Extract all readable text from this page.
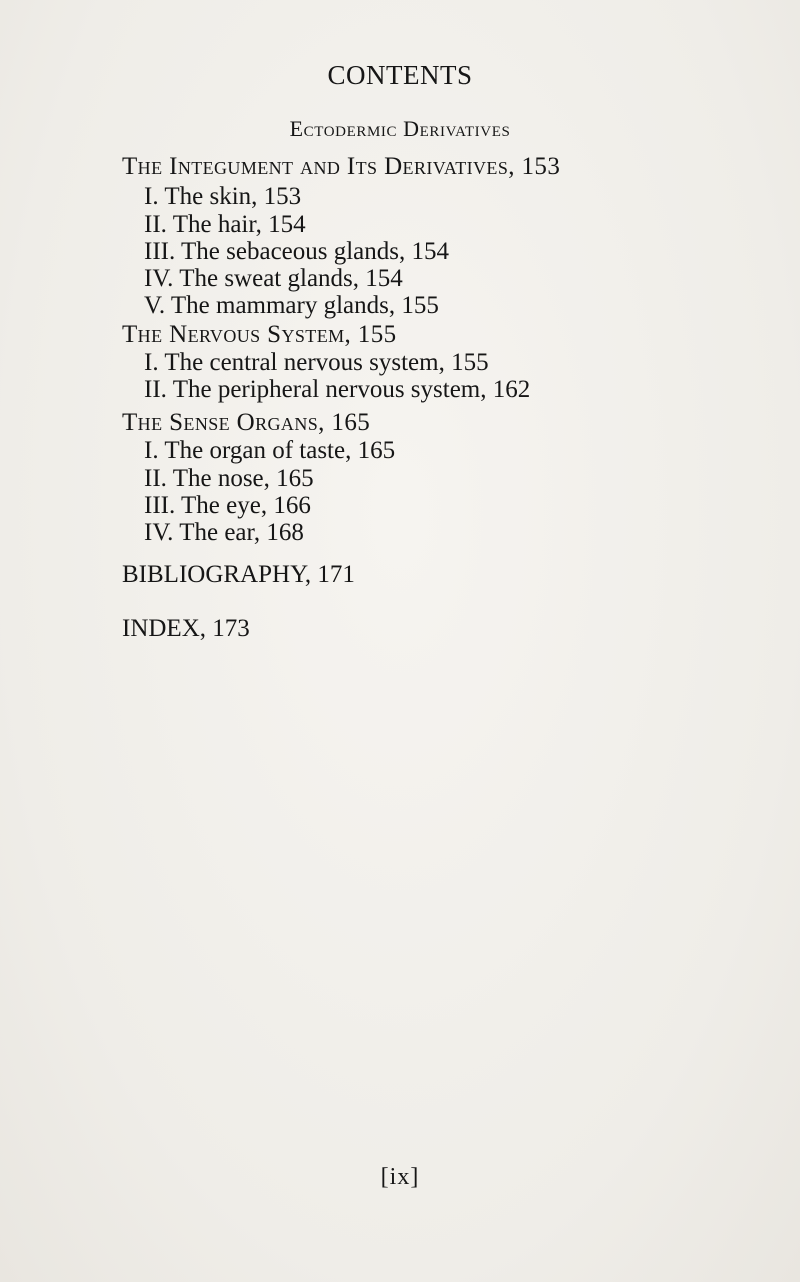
CONTENTS
Ectodermic Derivatives
The Integument and Its Derivatives, 153
I. The skin, 153
II. The hair, 154
III. The sebaceous glands, 154
IV. The sweat glands, 154
V. The mammary glands, 155
The Nervous System, 155
I. The central nervous system, 155
II. The peripheral nervous system, 162
The Sense Organs, 165
I. The organ of taste, 165
II. The nose, 165
III. The eye, 166
IV. The ear, 168
BIBLIOGRAPHY, 171
INDEX, 173
[ix]
